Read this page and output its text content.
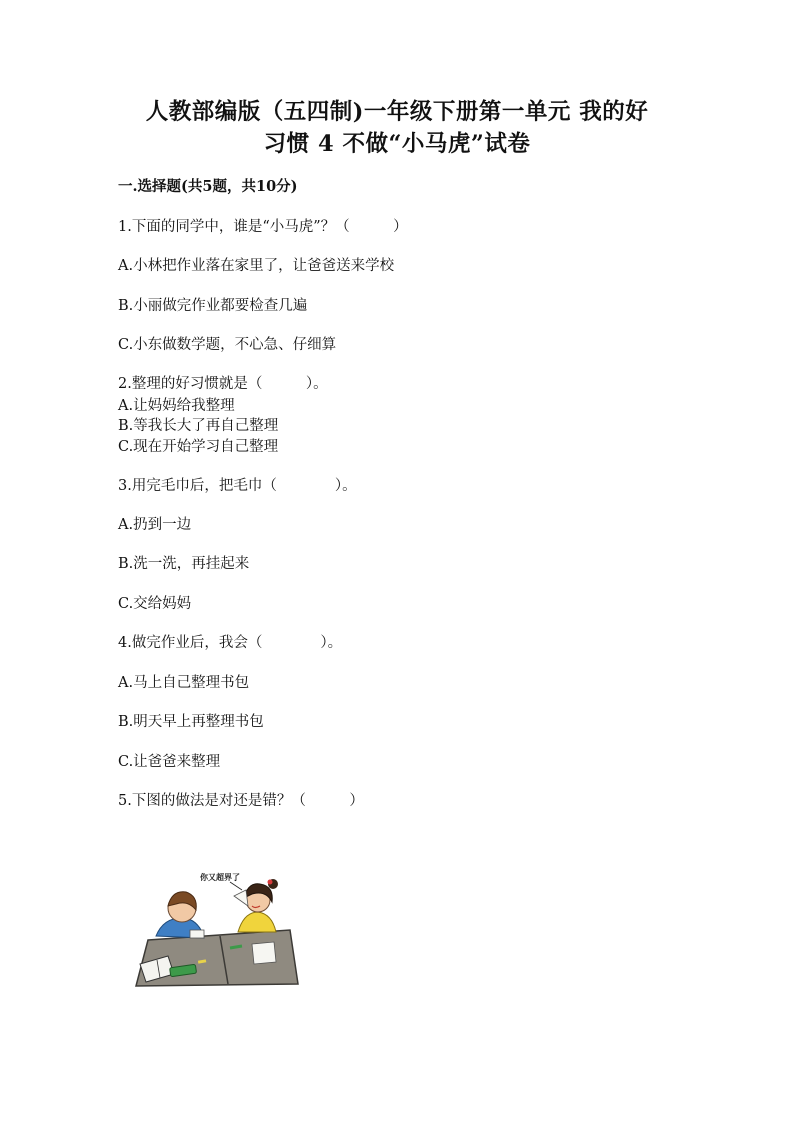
人教部编版（五四制)一年级下册第一单元 我的好
习惯 4 不做“小马虎”试卷
一.选择题(共5题，共10分)
1.下面的同学中，谁是“小马虎”？（　　　）
A.小林把作业落在家里了，让爸爸送来学校
B.小丽做完作业都要检查几遍
C.小东做数学题，不心急、仔细算
2.整理的好习惯就是（　　　）。
A.让妈妈给我整理
B.等我长大了再自己整理
C.现在开始学习自己整理
3.用完毛巾后，把毛巾（　　　　）。
A.扔到一边
B.洗一洗，再挂起来
C.交给妈妈
4.做完作业后，我会（　　　　）。
A.马上自己整理书包
B.明天早上再整理书包
C.让爸爸来整理
5.下图的做法是对还是错？（　　　）
你又超界了
